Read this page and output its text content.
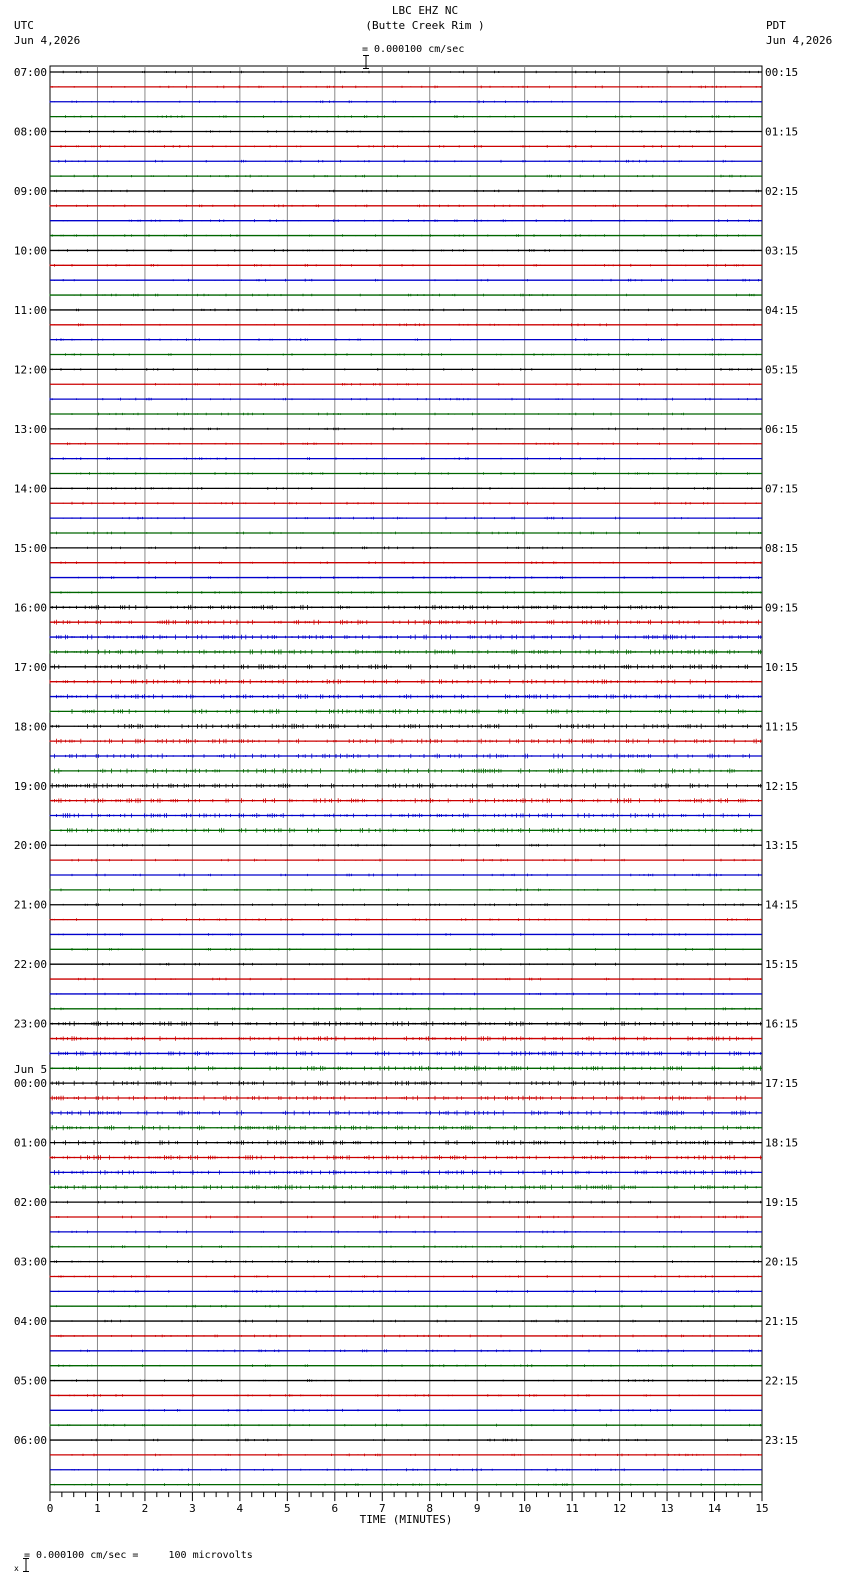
LBC EHZ NC
(Butte Creek Rim )

= 0.000100 cm/sec
UTC
Jun 4,2026
PDT
Jun 4,2026
07:00
08:00
09:00
10:00
11:00
12:00
13:00
14:00
15:00
16:00
17:00
18:00
19:00
20:00
21:00
22:00
23:00
00:00
Jun 5
01:00
02:00
03:00
04:00
05:00
06:00
00:15
01:15
02:15
03:15
04:15
05:15
06:15
07:15
08:15
09:15
10:15
11:15
12:15
13:15
14:15
15:15
16:15
17:15
18:15
19:15
20:15
21:15
22:15
23:15
0	1	2	3	4	5	6	7	8	9	10	11	12	13	14	15
TIME (MINUTES)

x

= 0.000100 cm/sec =     100 microvolts
